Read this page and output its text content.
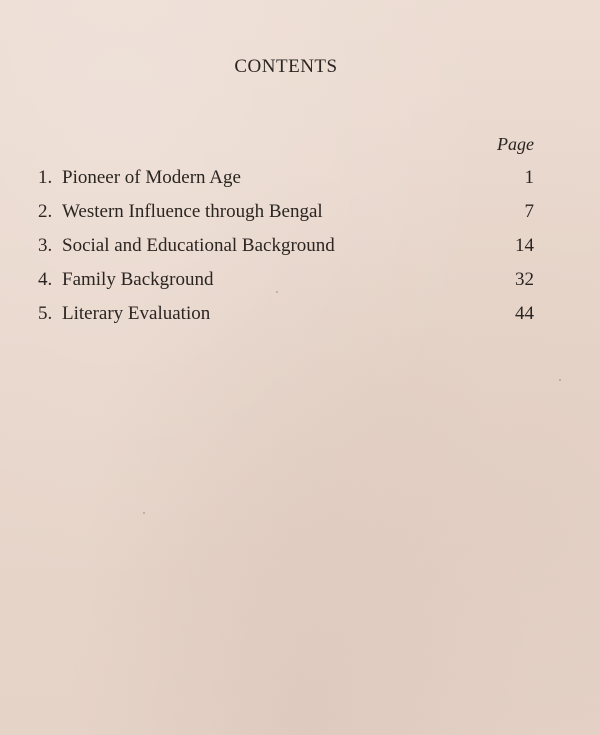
CONTENTS
Page
1. Pioneer of Modern Age	1
2. Western Influence through Bengal	7
3. Social and Educational Background	14
4. Family Background	32
5. Literary Evaluation	44
